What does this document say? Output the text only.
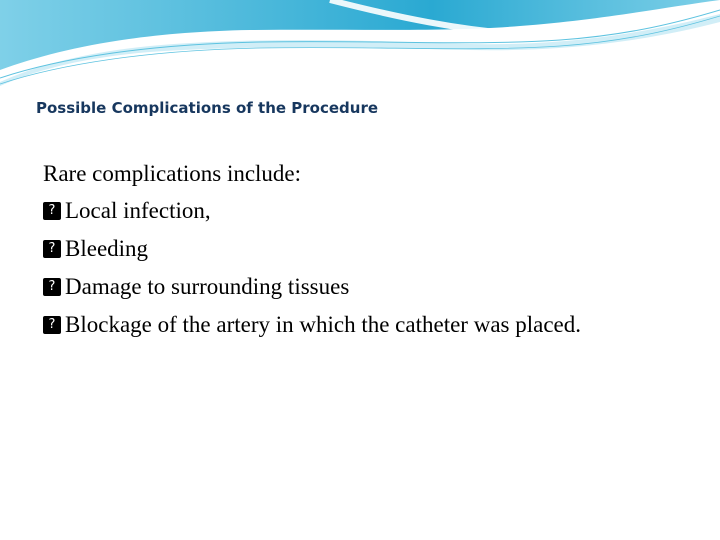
Possible Complications of the Procedure

Rare complications include:

? Local infection,
? Bleeding
? Damage to surrounding tissues
? Blockage of the artery in which the catheter was placed.
